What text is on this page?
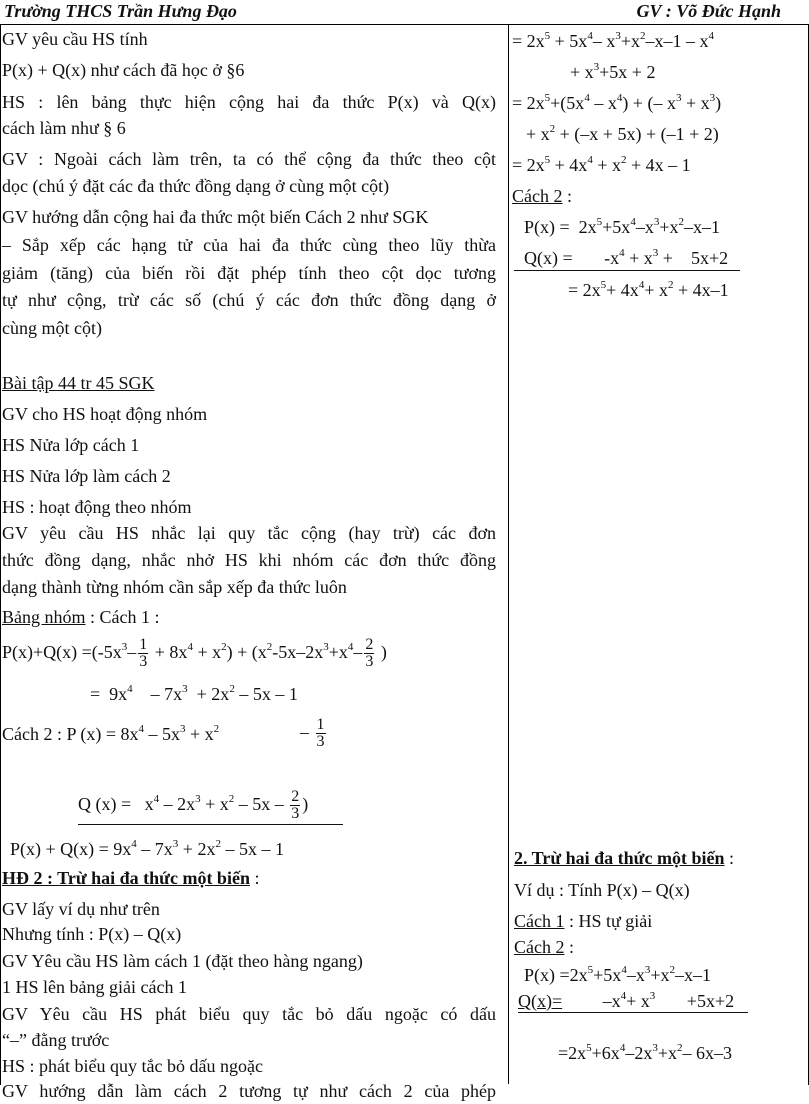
Trường THCS Trần Hưng Đạo	GV : Võ Đức Hạnh
GV yêu cầu HS tính
P(x) + Q(x) như cách đã học ở §6
HS : lên bảng thực hiện cộng hai đa thức P(x) và Q(x)
cách làm như § 6
GV : Ngoài cách làm trên, ta có thể cộng đa thức theo cột
dọc (chú ý đặt các đa thức đồng dạng ở cùng một cột)
GV hướng dẫn cộng hai đa thức một biến Cách 2 như SGK
– Sắp xếp các hạng tử của hai đa thức cùng theo lũy thừa
giảm (tăng) của biến rồi đặt phép tính theo cột dọc tương
tự như cộng, trừ các số (chú ý các đơn thức đồng dạng ở
cùng một cột)
Bài tập 44 tr 45 SGK
GV cho HS hoạt động nhóm
HS Nửa lớp cách 1
HS Nửa lớp làm cách 2
HS : hoạt động theo nhóm
GV yêu cầu HS nhắc lại quy tắc cộng (hay trừ) các đơn
thức đồng dạng, nhắc nhở HS khi nhóm các đơn thức đồng
dạng thành từng nhóm cần sắp xếp đa thức luôn
Bảng nhóm : Cách 1 :
$P(x)+Q(x) =(-5x^3- \frac{1}{3} + 8x^4 + x^2) + (x^2-5x-2x^3+x^4- \frac{2}{3}$ )
=  $9x^4$    – $7x^3 + 2x^2 - 5x - 1$
Cách 2 : P $(x) = 8x^4 - 5x^3 + x^2$	– $\frac{1}{3}$
Q $(x) = x^4 - 2x^3 + x^2 - 5x - \frac{2}{3}$ )
$P(x) + Q(x) = 9x^4 - 7x^3 + 2x^2 - 5x - 1$
HĐ 2 : Trừ hai đa thức một biến :
GV lấy ví dụ như trên
Nhưng tính : P(x) – Q(x)
GV Yêu cầu HS làm cách 1 (đặt theo hàng ngang)
1 HS lên bảng giải cách 1
GV Yêu cầu HS phát biểu quy tắc bỏ dấu ngoặc có dấu
“–” đằng trước
HS : phát biểu quy tắc bỏ dấu ngoặc
GV hướng dẫn làm cách 2 tương tự như cách 2 của phép
= $2x^5 + 5x^4-$ $x^3+x^2-x-1 - x^4$
+ $x^3+5x + 2$
= $2x^5+(5x^4 - x^4)$ + (– $x^3 + x^3$)
+ $x^2 + (-x + 5x) + (-1 + 2)$
= $2x^5 + 4x^4 + x^2 + 4x - 1$
Cách 2 :
$P(x) = 2x^5+5x^4-x^3+x^2-x-1$
Q(x) =       $-x^4 + x^3$ +    5x+2
= $2x^5+ 4x^4+ x^2 + 4x-1$
2. Trừ hai đa thức một biến :
Ví dụ : Tính P(x) – Q(x)
Cách 1 : HS tự giải
Cách 2 :
$P(x) =2x^5+5x^4-x^3+x^2-x-1$
Q(x)=         $-x^4+ x^3$       +5x+2
$=2x^5+6x^4-2x^3+x^2-$ 6x–3
